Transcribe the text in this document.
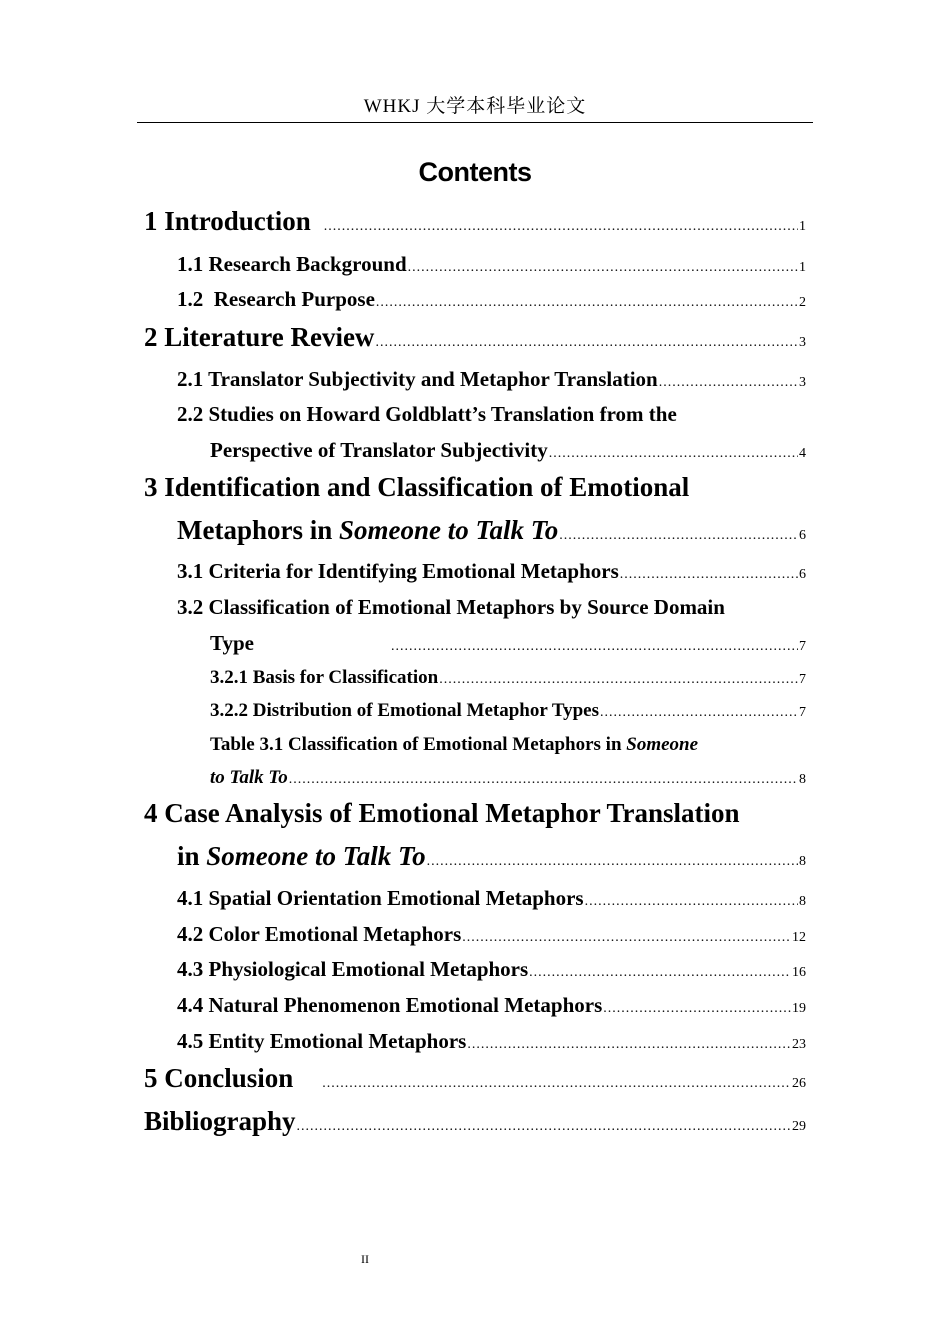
WHKJ 大学本科毕业论文
Contents
1 Introduction .....	1
1.1 Research Background .....	1
1.2  Research Purpose .....	2
2 Literature Review .....	3
2.1 Translator Subjectivity and Metaphor Translation .....	3
2.2 Studies on Howard Goldblatt’s Translation from the
Perspective of Translator Subjectivity .....	4
3 Identification and Classification of Emotional
Metaphors in Someone to Talk To .....	6
3.1 Criteria for Identifying Emotional Metaphors .....	6
3.2 Classification of Emotional Metaphors by Source Domain
Type .....	7
3.2.1 Basis for Classification .....	7
3.2.2 Distribution of Emotional Metaphor Types .....	7
Table 3.1 Classification of Emotional Metaphors in Someone
to Talk To .....	8
4 Case Analysis of Emotional Metaphor Translation
in Someone to Talk To .....	8
4.1 Spatial Orientation Emotional Metaphors .....	8
4.2 Color Emotional Metaphors .....	12
4.3 Physiological Emotional Metaphors .....	16
4.4 Natural Phenomenon Emotional Metaphors .....	19
4.5 Entity Emotional Metaphors .....	23
5 Conclusion .....	26
Bibliography .....	29
II
